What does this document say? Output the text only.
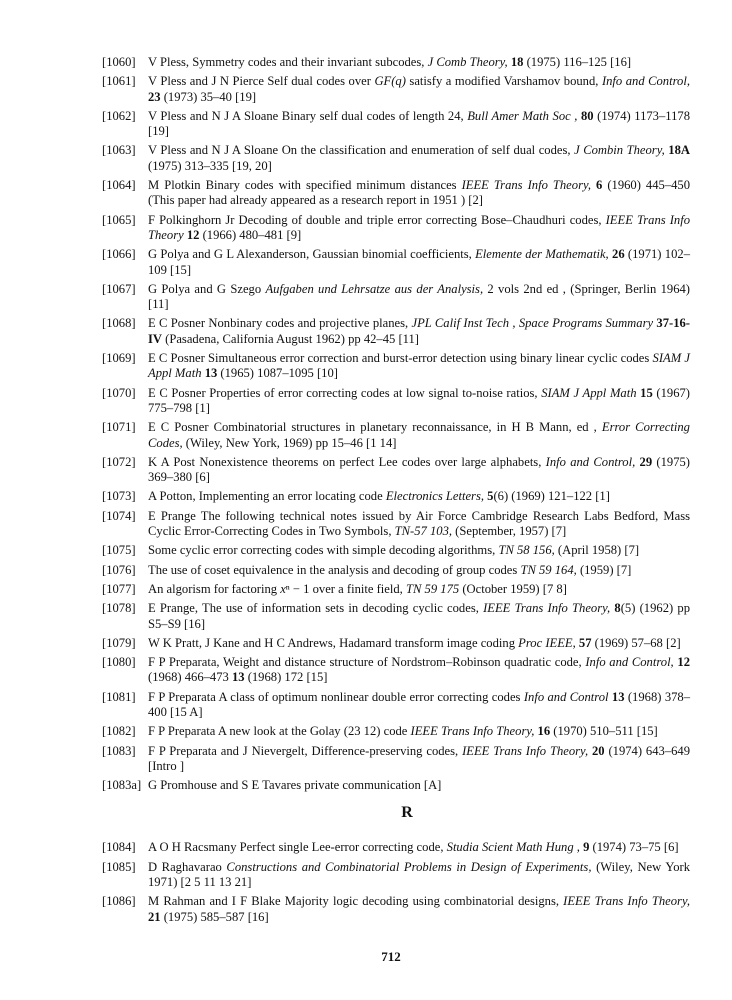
[1060] V Pless, Symmetry codes and their invariant subcodes, J Comb Theory, 18 (1975) 116–125 [16]
[1061] V Pless and J N Pierce Self dual codes over GF(q) satisfy a modified Varshamov bound, Info and Control, 23 (1973) 35–40 [19]
[1062] V Pless and N J A Sloane Binary self dual codes of length 24, Bull Amer Math Soc , 80 (1974) 1173–1178 [19]
[1063] V Pless and N J A Sloane On the classification and enumeration of self dual codes, J Combin Theory, 18A (1975) 313–335 [19, 20]
[1064] M Plotkin Binary codes with specified minimum distances IEEE Trans Info Theory, 6 (1960) 445–450 (This paper had already appeared as a research report in 1951 ) [2]
[1065] F Polkinghorn Jr Decoding of double and triple error correcting Bose–Chaudhuri codes, IEEE Trans Info Theory 12 (1966) 480–481 [9]
[1066] G Polya and G L Alexanderson, Gaussian binomial coefficients, Elemente der Mathematik, 26 (1971) 102–109 [15]
[1067] G Polya and G Szego Aufgaben und Lehrsatze aus der Analysis, 2 vols 2nd ed , (Springer, Berlin 1964) [11]
[1068] E C Posner Nonbinary codes and projective planes, JPL Calif Inst Tech , Space Programs Summary 37-16-IV (Pasadena, California August 1962) pp 42–45 [11]
[1069] E C Posner Simultaneous error correction and burst-error detection using binary linear cyclic codes SIAM J Appl Math 13 (1965) 1087–1095 [10]
[1070] E C Posner Properties of error correcting codes at low signal to-noise ratios, SIAM J Appl Math 15 (1967) 775–798 [1]
[1071] E C Posner Combinatorial structures in planetary reconnaissance, in H B Mann, ed , Error Correcting Codes, (Wiley, New York, 1969) pp 15–46 [1 14]
[1072] K A Post Nonexistence theorems on perfect Lee codes over large alphabets, Info and Control, 29 (1975) 369–380 [6]
[1073] A Potton, Implementing an error locating code Electronics Letters, 5(6) (1969) 121–122 [1]
[1074] E Prange The following technical notes issued by Air Force Cambridge Research Labs Bedford, Mass Cyclic Error-Correcting Codes in Two Symbols, TN-57 103, (September, 1957) [7]
[1075] Some cyclic error correcting codes with simple decoding algorithms, TN 58 156, (April 1958) [7]
[1076] The use of coset equivalence in the analysis and decoding of group codes TN 59 164, (1959) [7]
[1077] An algorism for factoring xⁿ − 1 over a finite field, TN 59 175 (October 1959) [7 8]
[1078] E Prange, The use of information sets in decoding cyclic codes, IEEE Trans Info Theory, 8(5) (1962) pp S5–S9 [16]
[1079] W K Pratt, J Kane and H C Andrews, Hadamard transform image coding Proc IEEE, 57 (1969) 57–68 [2]
[1080] F P Preparata, Weight and distance structure of Nordstrom–Robinson quadratic code, Info and Control, 12 (1968) 466–473 13 (1968) 172 [15]
[1081] F P Preparata A class of optimum nonlinear double error correcting codes Info and Control 13 (1968) 378–400 [15 A]
[1082] F P Preparata A new look at the Golay (23 12) code IEEE Trans Info Theory, 16 (1970) 510–511 [15]
[1083] F P Preparata and J Nievergelt, Difference-preserving codes, IEEE Trans Info Theory, 20 (1974) 643–649 [Intro ]
[1083a] G Promhouse and S E Tavares private communication [A]
R
[1084] A O H Racsmany Perfect single Lee-error correcting code, Studia Scient Math Hung , 9 (1974) 73–75 [6]
[1085] D Raghavarao Constructions and Combinatorial Problems in Design of Experiments, (Wiley, New York 1971) [2 5 11 13 21]
[1086] M Rahman and I F Blake Majority logic decoding using combinatorial designs, IEEE Trans Info Theory, 21 (1975) 585–587 [16]
712
